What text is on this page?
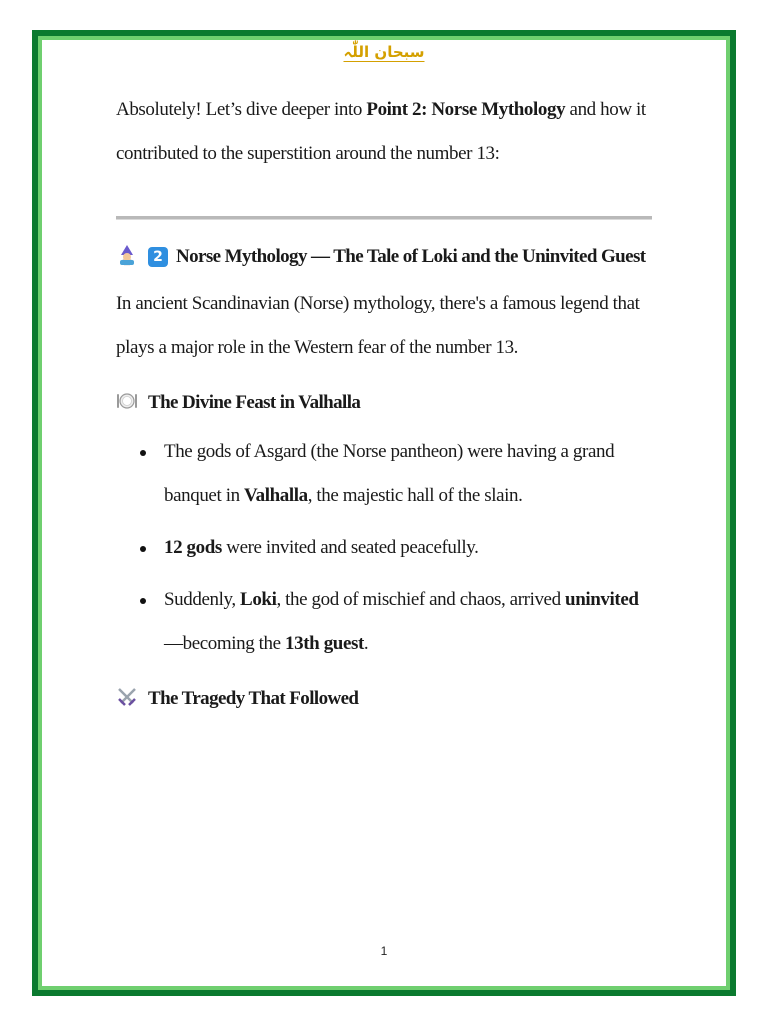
سبحان اللّٰہ

Absolutely! Let’s dive deeper into Point 2: Norse Mythology and how it contributed to the superstition around the number 13:

2 Norse Mythology — The Tale of Loki and the Uninvited Guest

In ancient Scandinavian (Norse) mythology, there's a famous legend that plays a major role in the Western fear of the number 13.

The Divine Feast in Valhalla

The gods of Asgard (the Norse pantheon) were having a grand banquet in Valhalla, the majestic hall of the slain.
12 gods were invited and seated peacefully.
Suddenly, Loki, the god of mischief and chaos, arrived uninvited—becoming the 13th guest.

The Tragedy That Followed

1
